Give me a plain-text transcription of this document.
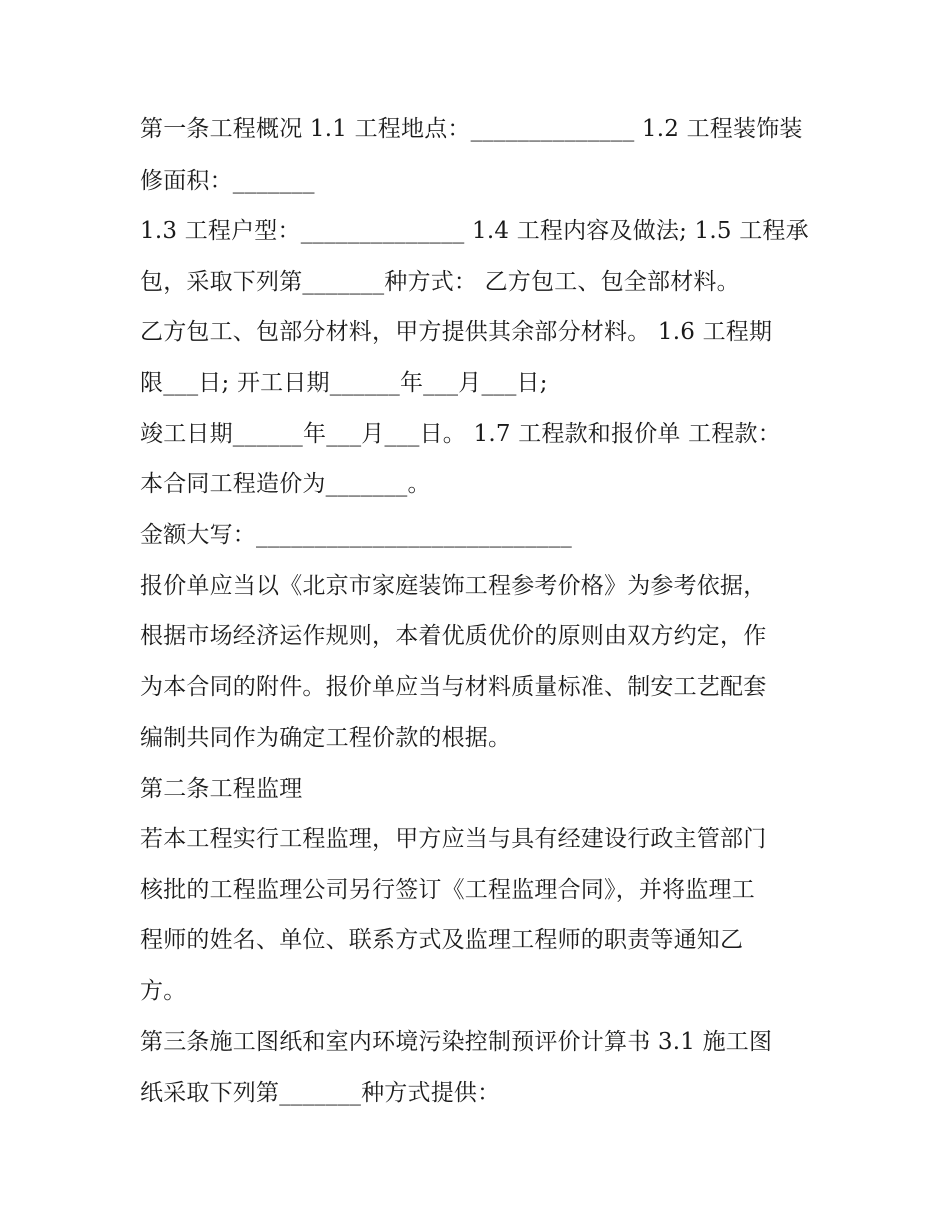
第一条工程概况 1.1 工程地点：______________ 1.2 工程装饰装
修面积：_______
1.3 工程户型：______________ 1.4 工程内容及做法; 1.5 工程承
包，采取下列第_______种方式： 乙方包工、包全部材料。
乙方包工、包部分材料，甲方提供其余部分材料。 1.6 工程期
限___日; 开工日期______年___月___日;
竣工日期______年___月___日。 1.7 工程款和报价单 工程款：
本合同工程造价为_______。
金额大写：___________________________
报价单应当以《北京市家庭装饰工程参考价格》为参考依据，
根据市场经济运作规则，本着优质优价的原则由双方约定，作
为本合同的附件。报价单应当与材料质量标准、制安工艺配套
编制共同作为确定工程价款的根据。
第二条工程监理
若本工程实行工程监理，甲方应当与具有经建设行政主管部门
核批的工程监理公司另行签订《工程监理合同》，并将监理工
程师的姓名、单位、联系方式及监理工程师的职责等通知乙
方。
第三条施工图纸和室内环境污染控制预评价计算书 3.1 施工图
纸采取下列第_______种方式提供：
